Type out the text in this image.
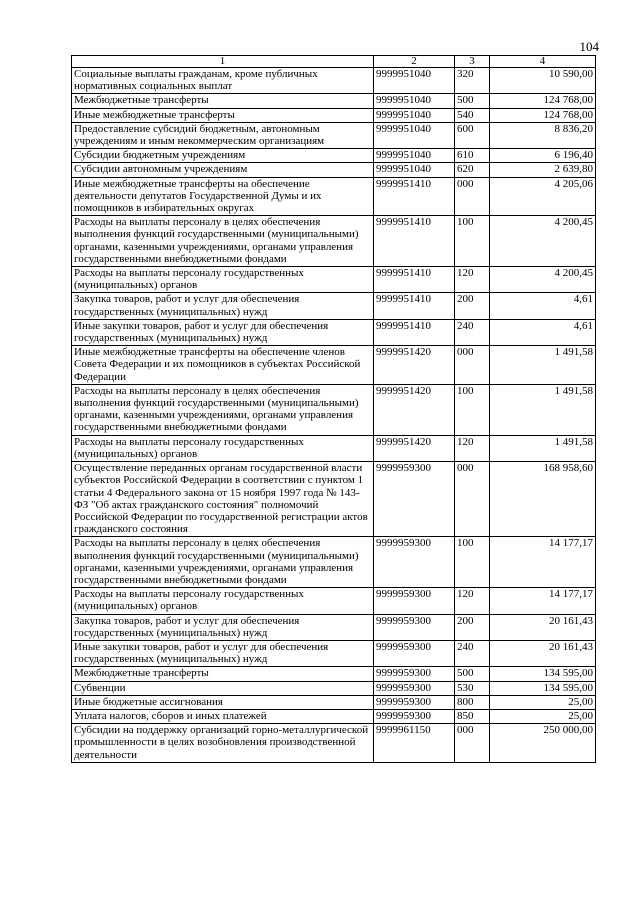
104
1	2	3	4
Социальные выплаты гражданам, кроме публичных нормативных социальных выплат	9999951040	320	10 590,00
Межбюджетные трансферты	9999951040	500	124 768,00
Иные межбюджетные трансферты	9999951040	540	124 768,00
Предоставление субсидий бюджетным, автономным учреждениям и иным некоммерческим организациям	9999951040	600	8 836,20
Субсидии бюджетным учреждениям	9999951040	610	6 196,40
Субсидии автономным учреждениям	9999951040	620	2 639,80
Иные межбюджетные трансферты на обеспечение деятельности депутатов Государственной Думы и их помощников в избирательных округах	9999951410	000	4 205,06
Расходы на выплаты персоналу в целях обеспечения выполнения функций государственными (муниципальными) органами, казенными учреждениями, органами управления государственными внебюджетными фондами	9999951410	100	4 200,45
Расходы на выплаты персоналу государственных (муниципальных) органов	9999951410	120	4 200,45
Закупка товаров, работ и услуг для обеспечения государственных (муниципальных) нужд	9999951410	200	4,61
Иные закупки товаров, работ и услуг для обеспечения государственных (муниципальных) нужд	9999951410	240	4,61
Иные межбюджетные трансферты на обеспечение членов Совета Федерации и их помощников в субъектах Российской Федерации	9999951420	000	1 491,58
Расходы на выплаты персоналу в целях обеспечения выполнения функций государственными (муниципальными) органами, казенными учреждениями, органами управления государственными внебюджетными фондами	9999951420	100	1 491,58
Расходы на выплаты персоналу государственных (муниципальных) органов	9999951420	120	1 491,58
Осуществление переданных органам государственной власти субъектов Российской Федерации в соответствии с пунктом 1 статьи 4 Федерального закона от 15 ноября 1997 года № 143-ФЗ "Об актах гражданского состояния" полномочий Российской Федерации по государственной регистрации актов гражданского состояния	9999959300	000	168 958,60
Расходы на выплаты персоналу в целях обеспечения выполнения функций государственными (муниципальными) органами, казенными учреждениями, органами управления государственными внебюджетными фондами	9999959300	100	14 177,17
Расходы на выплаты персоналу государственных (муниципальных) органов	9999959300	120	14 177,17
Закупка товаров, работ и услуг для обеспечения государственных (муниципальных) нужд	9999959300	200	20 161,43
Иные закупки товаров, работ и услуг для обеспечения государственных (муниципальных) нужд	9999959300	240	20 161,43
Межбюджетные трансферты	9999959300	500	134 595,00
Субвенции	9999959300	530	134 595,00
Иные бюджетные ассигнования	9999959300	800	25,00
Уплата налогов, сборов и иных платежей	9999959300	850	25,00
Субсидии на поддержку организаций горно-металлургической промышленности в целях возобновления производственной деятельности	9999961150	000	250 000,00
